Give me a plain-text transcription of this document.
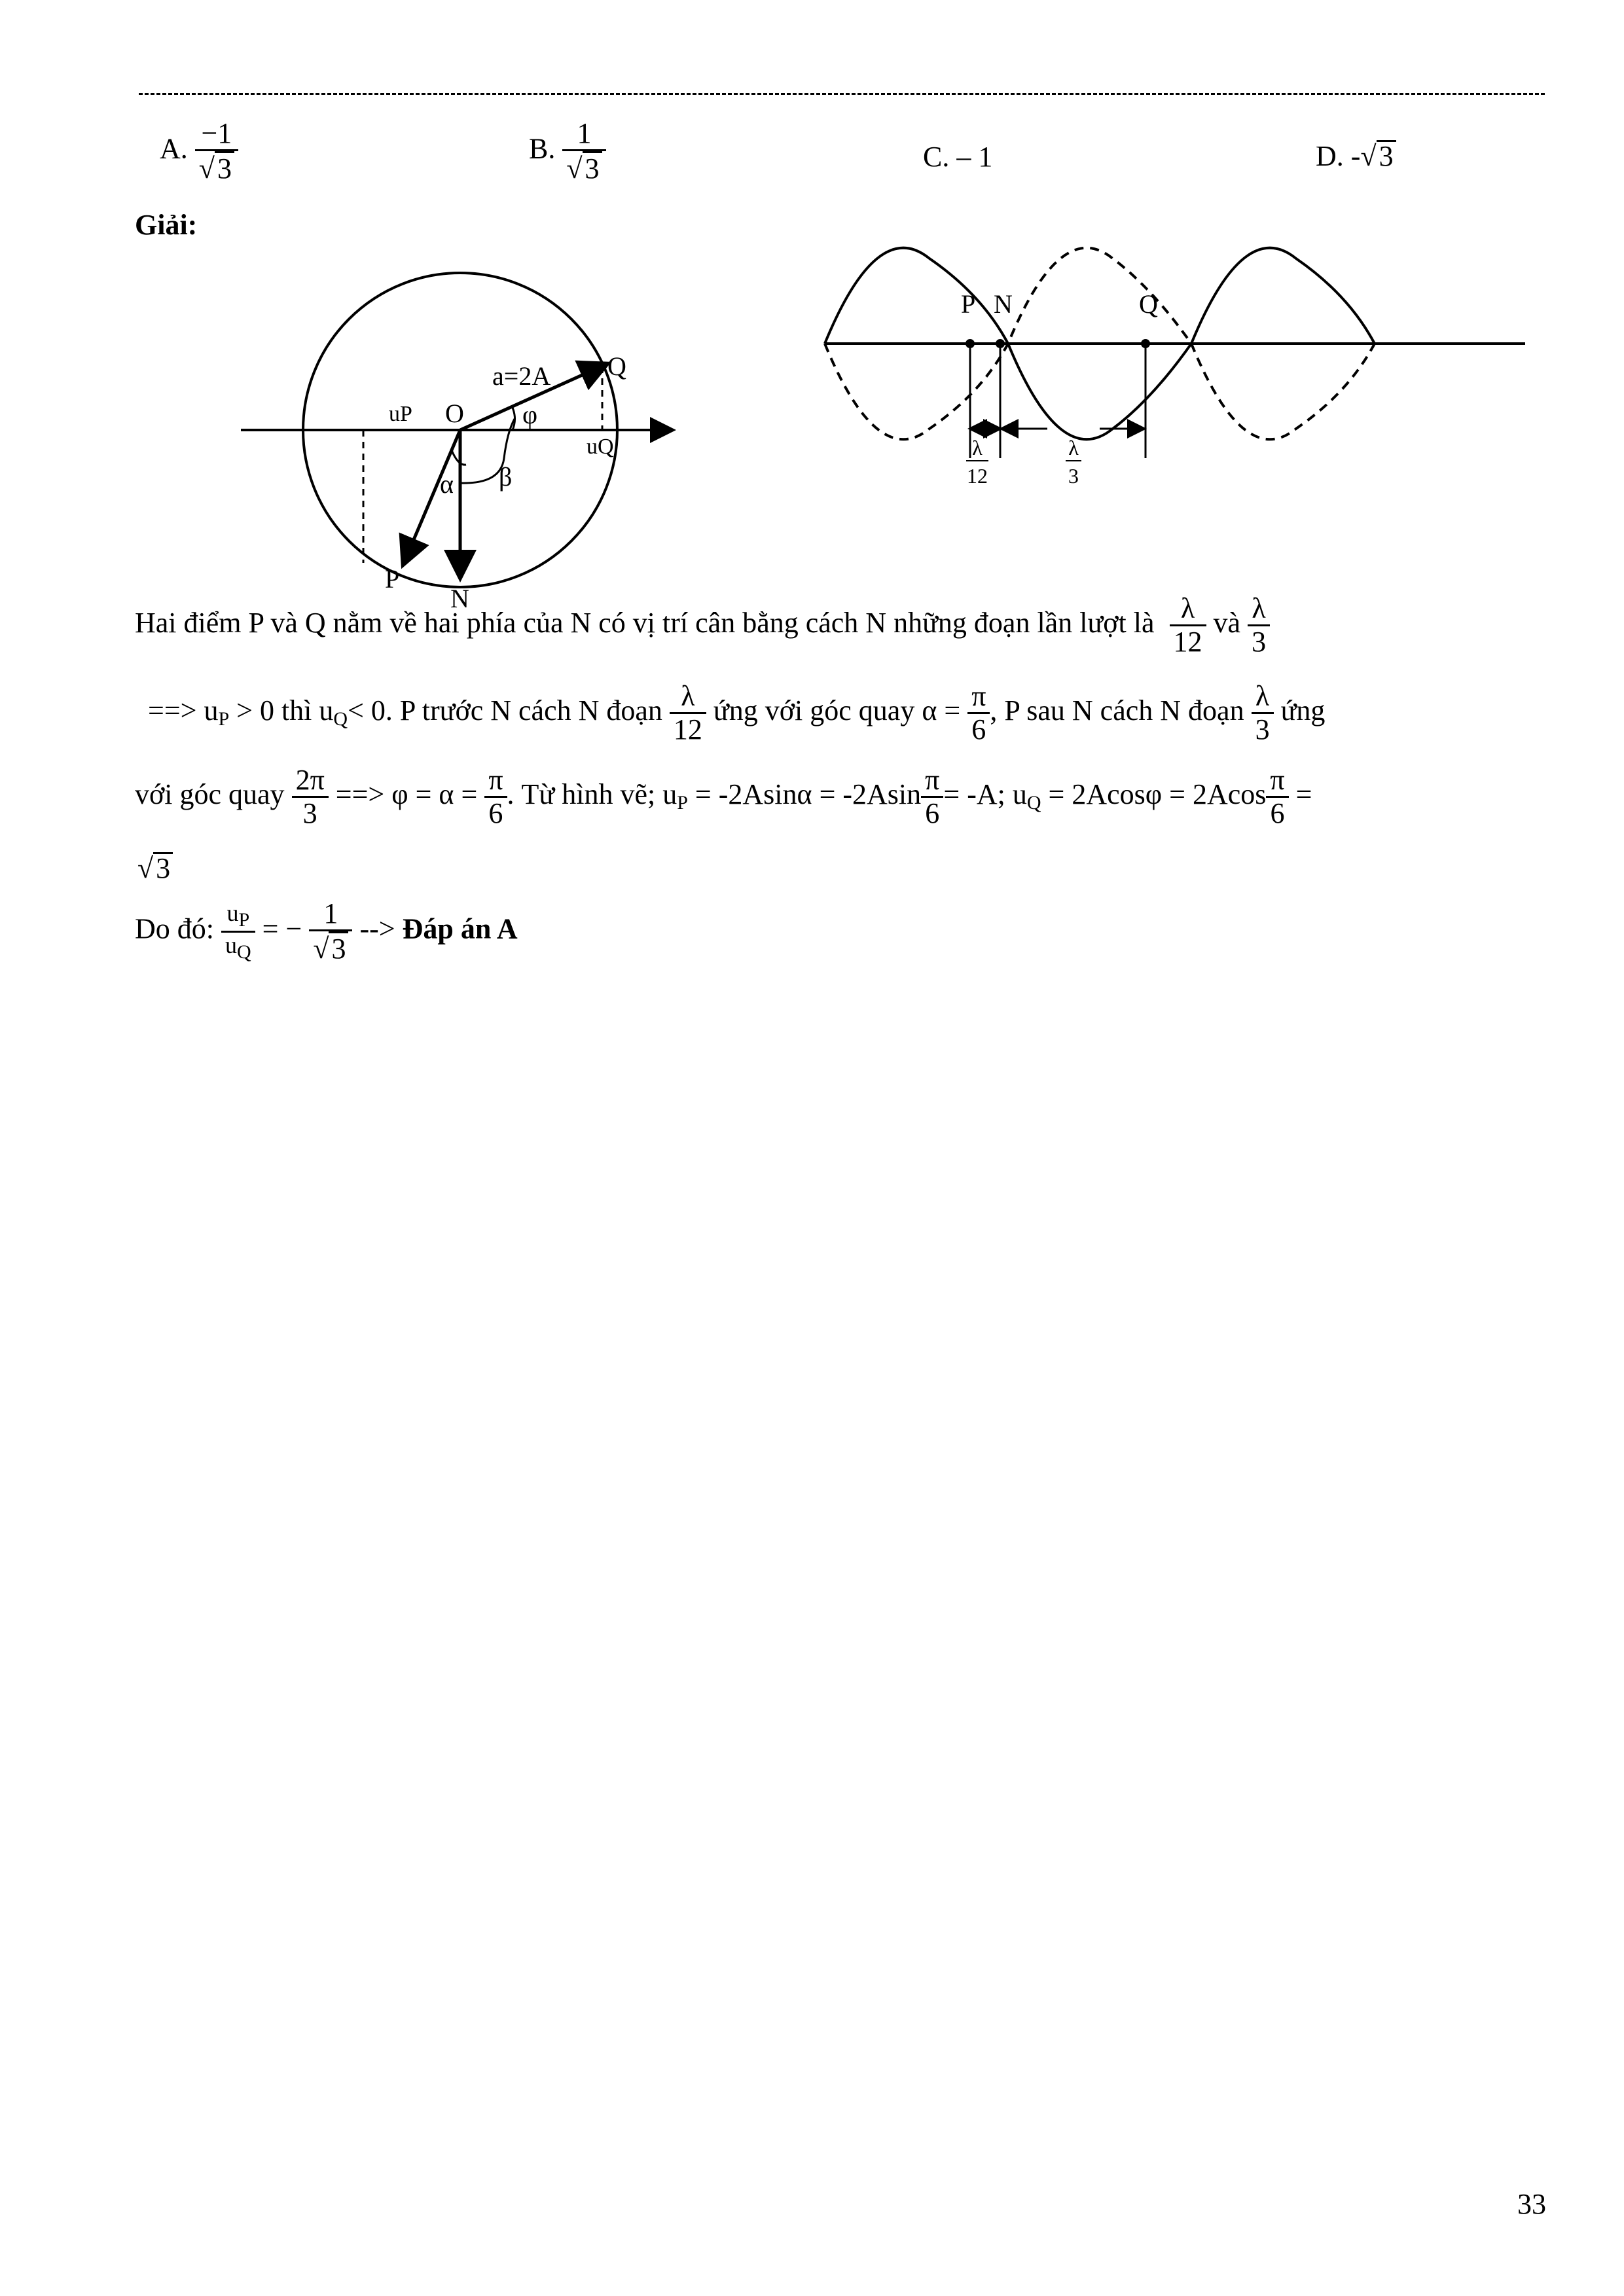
A. $\frac{-1}{√3}$	B. $\frac{1}{√3}$	C. – 1	D. -√3
Giải:
Q
a=2A
uP O φ
uQ
β
α
P
N
P N	Q
λ
12
λ
3
Hai điểm P và Q nằm về hai phía của N có vị trí cân bằng cách N những đoạn lần lượt là $\frac{\lambda}{12}$ và $\frac{\lambda}{3}$
==> $u_P > 0$ thì $u_Q< 0$. P trước N cách N đoạn $\frac{\lambda}{12}$ ứng với góc quay $\alpha = \frac{\pi}{6}$ , P sau N cách N đoạn $\frac{\lambda}{3}$ ứng
với góc quay $\frac{2\pi}{3}$ ==> $\varphi = \alpha = \frac{\pi}{6}$ . Từ hình vẽ; $u_P = -2Asin\alpha = -2Asin \frac{\pi}{6} = -A$; $u_Q = 2Acos\varphi = 2Acos \frac{\pi}{6}$ =
√3
Do đó: $\frac{u_P}{u_Q}$ = − $\frac{1}{√3}$ --> Đáp án A
33
